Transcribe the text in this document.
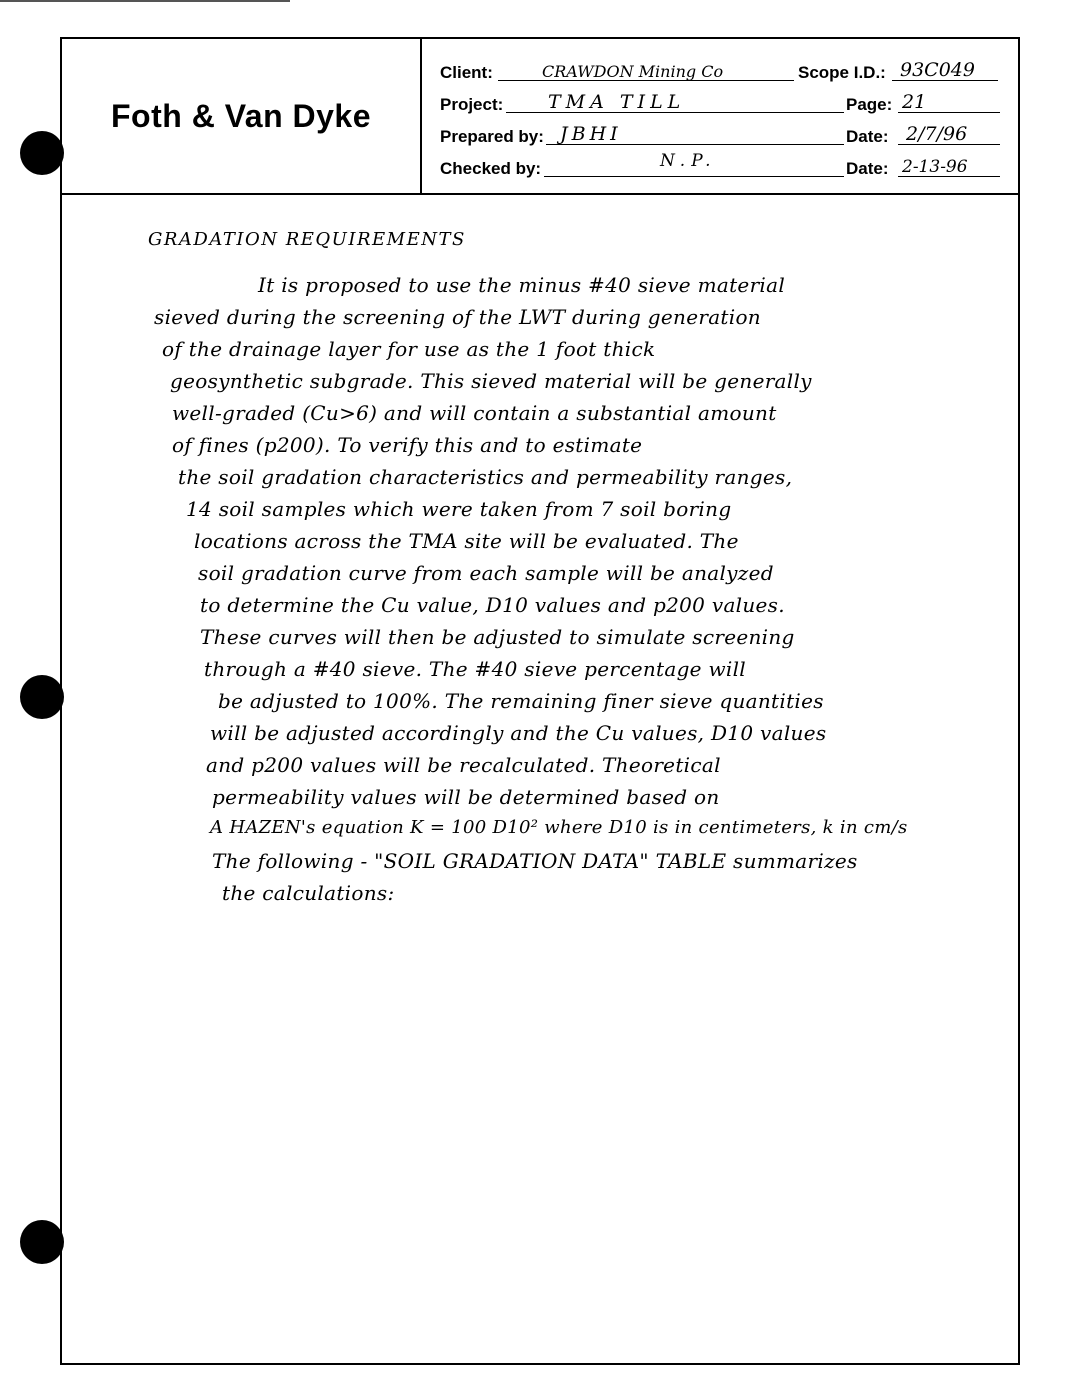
Foth & Van Dyke
Client:	CRAWDON Mining Co	Scope I.D.: 93C049
Project: TMA TILL	Page: 21
Prepared by: JBHI	Date: 2/7/96
Checked by:	N.P.	Date: 2-13-96
GRADATION REQUIREMENTS
It is proposed to use the minus #40 sieve material
sieved during the screening of the LWT during generation
of the drainage layer for use as the 1 foot thick
geosynthetic subgrade. This sieved material will be generally
well-graded (Cu>6) and will contain a substantial amount
of fines (p200). To verify this and to estimate
the soil gradation characteristics and permeability ranges,
14 soil samples which were taken from 7 soil boring
locations across the TMA site will be evaluated. The
soil gradation curve from each sample will be analyzed
to determine the Cu value, D10 values and p200 values.
These curves will then be adjusted to simulate screening
through a #40 sieve. The #40 sieve percentage will
be adjusted to 100%. The remaining finer sieve quantities
will be adjusted accordingly and the Cu values, D10 values
and p200 values will be recalculated. Theoretical
permeability values will be determined based on
A HAZEN's equation K = 100 D10² where D10 is in centimeters, k in cm/s
The following - "SOIL GRADATION DATA" TABLE summarizes
the calculations:
